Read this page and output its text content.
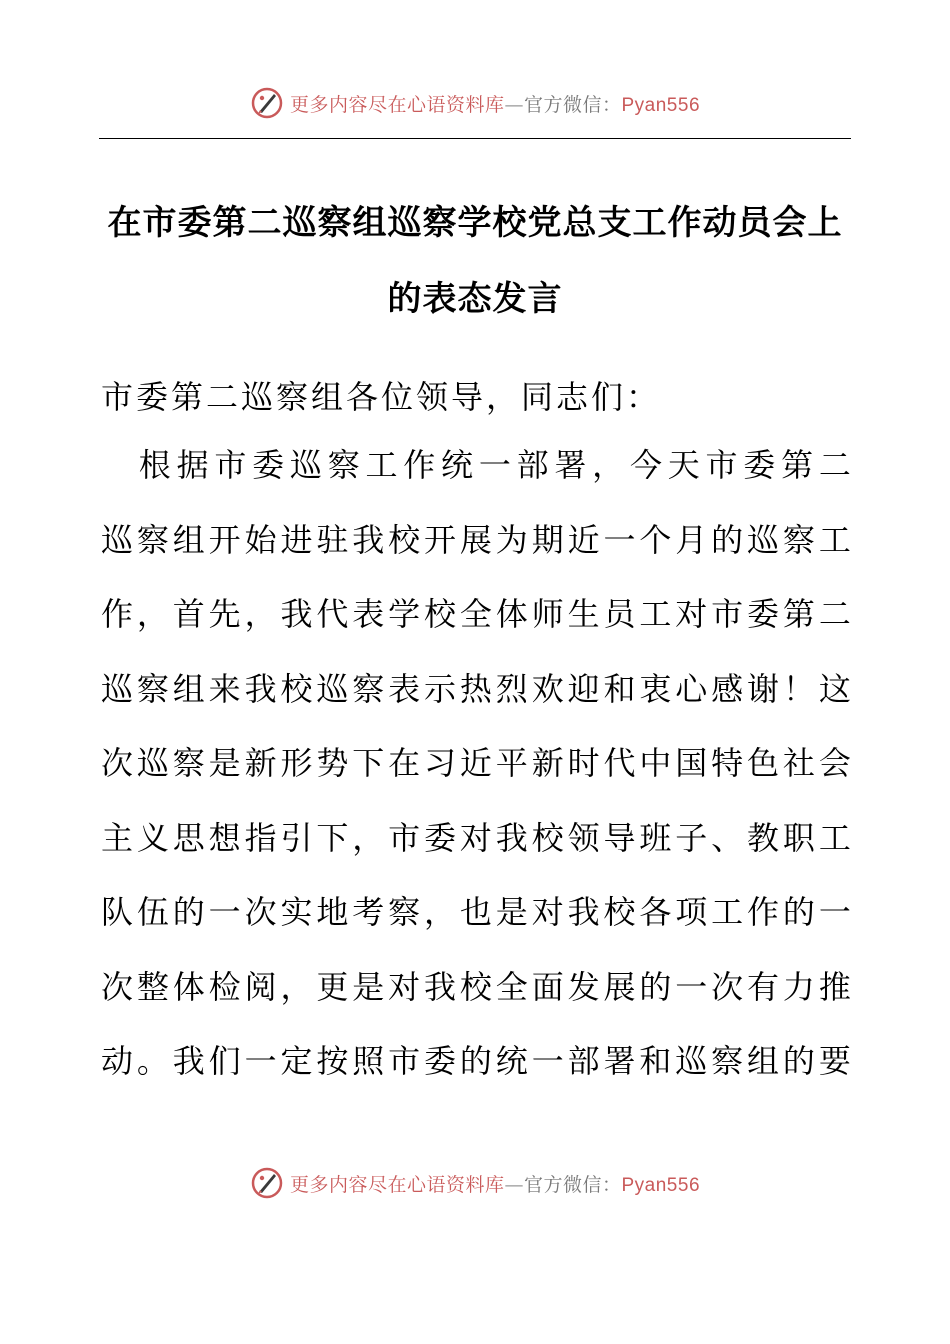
更多内容尽在心语资料库—官方微信：Pyan556
在市委第二巡察组巡察学校党总支工作动员会上
的表态发言
市委第二巡察组各位领导，同志们：

根 据 市 委 巡 察 工 作 统 一 部 署 ， 今 天 市 委 第 二
巡 察 组 开 始 进 驻 我 校 开 展 为 期 近 一 个 月 的 巡 察 工
作 ， 首 先 ， 我 代 表 学 校 全 体 师 生 员 工 对 市 委 第 二
巡 察 组 来 我 校 巡 察 表 示 热 烈 欢 迎 和 衷 心 感 谢 ！ 这
次 巡 察 是 新 形 势 下 在 习 近 平 新 时 代 中 国 特 色 社 会
主 义 思 想 指 引 下 ， 市 委 对 我 校 领 导 班 子 、 教 职 工
队 伍 的 一 次 实 地 考 察 ， 也 是 对 我 校 各 项 工 作 的 一
次 整 体 检 阅 ， 更 是 对 我 校 全 面 发 展 的 一 次 有 力 推
动 。 我 们 一 定 按 照 市 委 的 统 一 部 署 和 巡 察 组 的 要
更多内容尽在心语资料库—官方微信：Pyan556
